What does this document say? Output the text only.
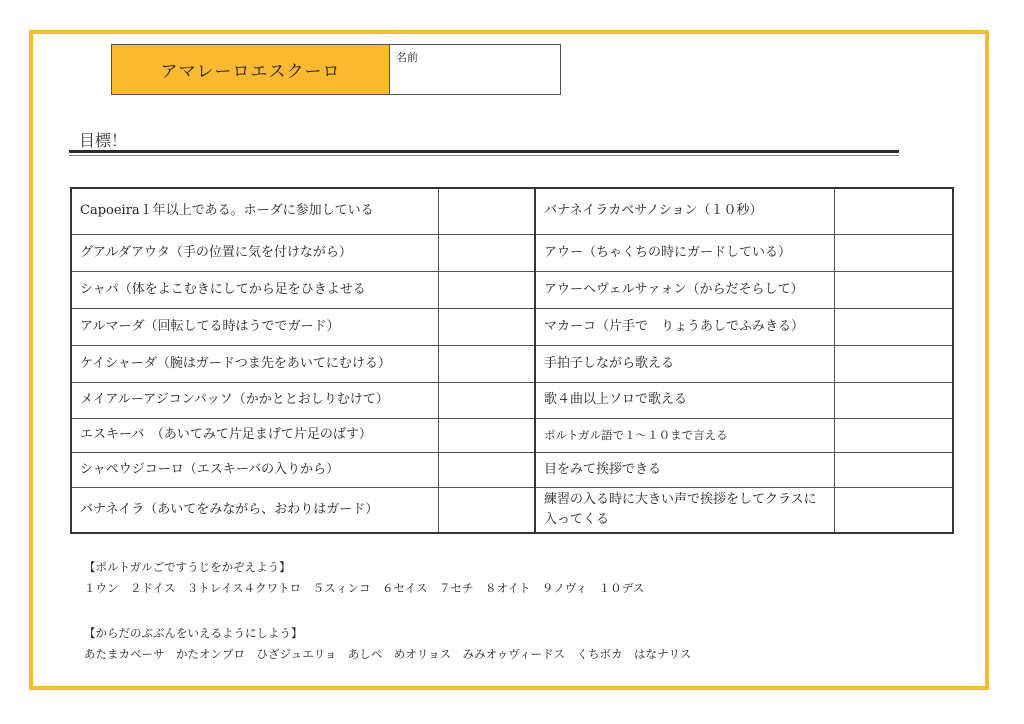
アマレーロエスクーロ
名前
目標！
Capoeira１年以上である。ホーダに参加している		バナネイラカベサノション（１０秒）	
グアルダアウタ（手の位置に気を付けながら）		アウー（ちゃくちの時にガードしている）	
シャパ（体をよこむきにしてから足をひきよせる		アウーヘヴェルサァォン（からだそらして）	
アルマーダ（回転してる時はうででガード）		マカーコ（片手で　りょうあしでふみきる）	
ケイシャーダ（腕はガードつま先をあいてにむける）		手拍子しながら歌える	
メイアルーアジコンパッソ（かかととおしりむけて）		歌４曲以上ソロで歌える	
エスキーバ　（あいてみて片足まげて片足のばす）		ポルトガル語で１～１０まで言える	
シャペウジコーロ（エスキーバの入りから）		目をみて挨拶できる	
バナネイラ（あいてをみながら、おわりはガード）		練習の入る時に大きい声で挨拶をしてクラスに入ってくる	
【ポルトガルごですうじをかぞえよう】
１ウン　２ドイス　３トレイス４クワトロ　５スィンコ　６セイス　７セチ　８オイト　９ノヴィ　１０デス
【からだのぶぶんをいえるようにしよう】
あたまカベーサ　かたオンブロ　ひざジュエリョ　あしペ　めオリョス　みみオゥヴィードス　くちボカ　はなナリス
